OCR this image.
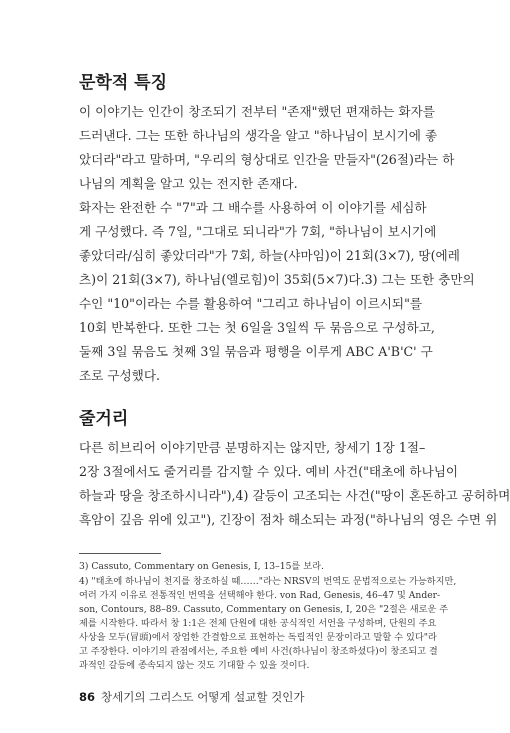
문학적 특징
이 이야기는 인간이 창조되기 전부터 "존재"했던 편재하는 화자를
드러낸다. 그는 또한 하나님의 생각을 알고 "하나님이 보시기에 좋
았더라"라고 말하며, "우리의 형상대로 인간을 만들자"(26절)라는 하
나님의 계획을 알고 있는 전지한 존재다.
화자는 완전한 수 "7"과 그 배수를 사용하여 이 이야기를 세심하
게 구성했다. 즉 7일, "그대로 되니라"가 7회, "하나님이 보시기에
좋았더라/심히 좋았더라"가 7회, 하늘(샤마임)이 21회(3×7), 땅(에레
츠)이 21회(3×7), 하나님(엘로힘)이 35회(5×7)다.3) 그는 또한 충만의
수인 "10"이라는 수를 활용하여 "그리고 하나님이 이르시되"를
10회 반복한다. 또한 그는 첫 6일을 3일씩 두 묶음으로 구성하고,
둘째 3일 묶음도 첫째 3일 묶음과 평행을 이루게 ABC A'B'C' 구
조로 구성했다.
줄거리
다른 히브리어 이야기만큼 분명하지는 않지만, 창세기 1장 1절–
2장 3절에서도 줄거리를 감지할 수 있다. 예비 사건("태초에 하나님이
하늘과 땅을 창조하시니라"),4) 갈등이 고조되는 사건("땅이 혼돈하고 공허하며
흑암이 깊음 위에 있고"), 긴장이 점차 해소되는 과정("하나님의 영은 수면 위
3) Cassuto, Commentary on Genesis, I, 13–15를 보라.
4) "태초에 하나님이 천지를 창조하실 때……"라는 NRSV의 번역도 문법적으로는 가능하지만,
여러 가지 이유로 전통적인 번역을 선택해야 한다. von Rad, Genesis, 46–47 및 Ander-
son, Contours, 88–89. Cassuto, Commentary on Genesis, I, 20은 "2절은 새로운 주
제를 시작한다. 따라서 창 1:1은 전체 단원에 대한 공식적인 서언을 구성하며, 단원의 주요
사상을 모두(冒頭)에서 장엄한 간결함으로 표현하는 독립적인 문장이라고 말할 수 있다"라
고 주장한다. 이야기의 관점에서는, 주요한 예비 사건(하나님이 창조하셨다)이 창조되고 결
과적인 갈등에 종속되지 않는 것도 기대할 수 있을 것이다.
86 창세기의 그리스도 어떻게 설교할 것인가
